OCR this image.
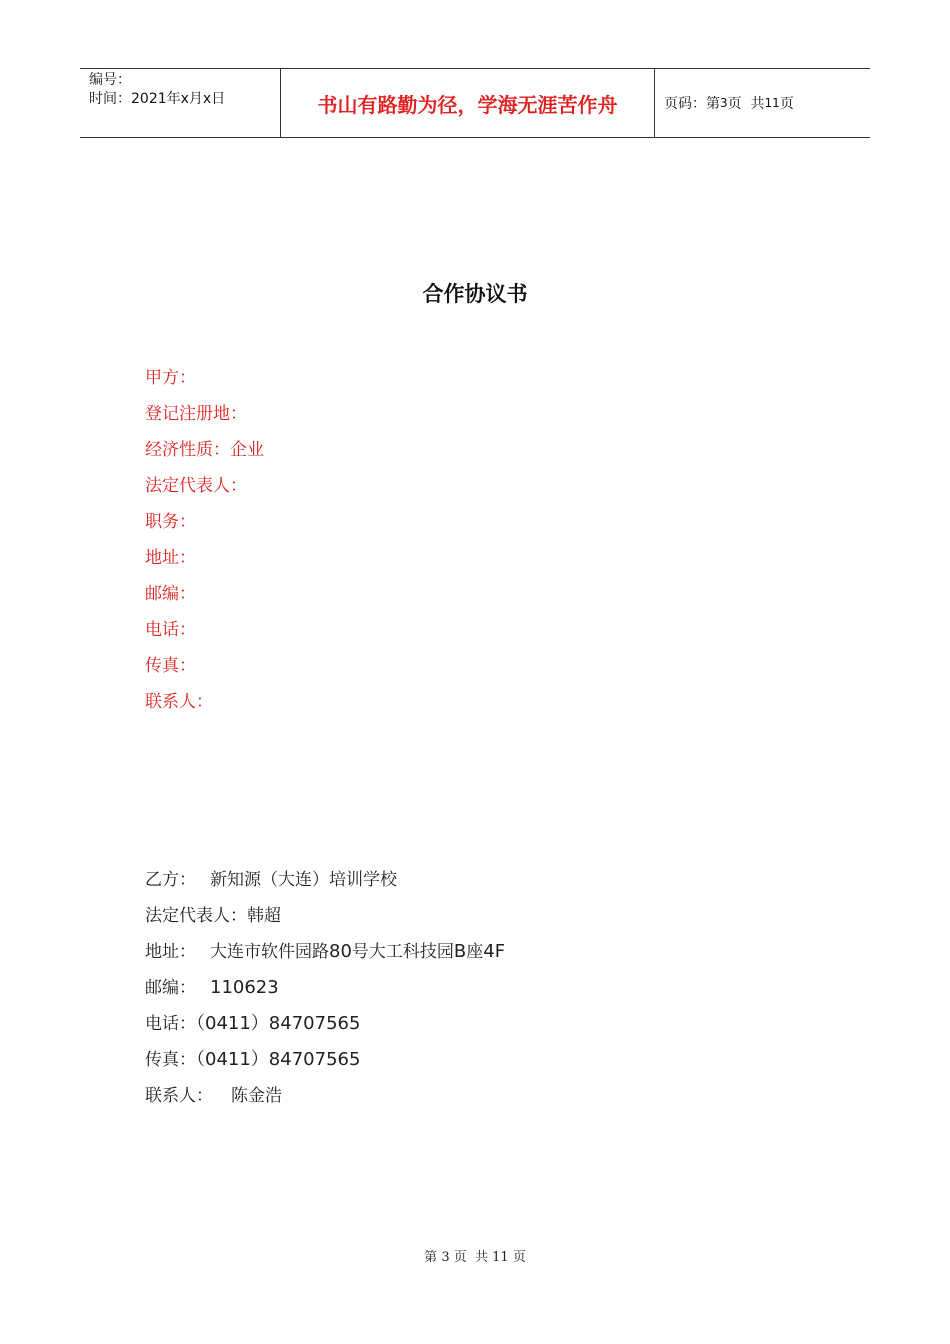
编号：
时间：2021年x月x日	书山有路勤为径，学海无涯苦作舟	页码：第 3 页  共 11 页
合作协议书
甲方：
登记注册地：
经济性质：企业
法定代表人：
职务：
地址：
邮编：
电话：
传真：
联系人：
乙方： 新知源（大连）培训学校
法定代表人：韩超
地址： 大连市软件园路80号大工科技园B座4F
邮编： 110623
电话：（0411）84707565
传真：（0411）84707565
联系人： 陈金浩
第 3 页  共 11 页
